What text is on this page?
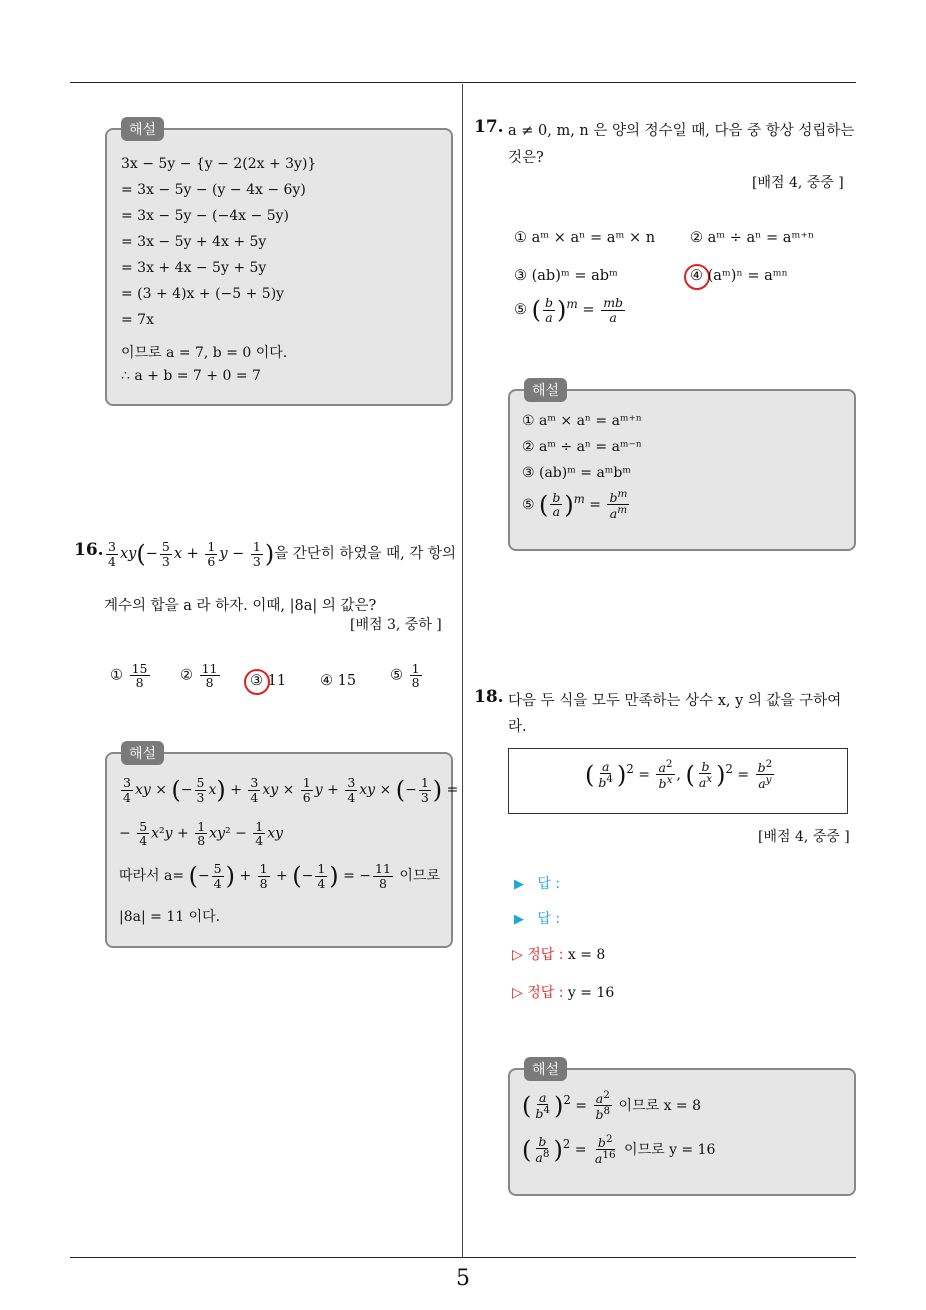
5
해설
3x − 5y − {y − 2(2x + 3y)}
= 3x − 5y − (y − 4x − 6y)
= 3x − 5y − (−4x − 5y)
= 3x − 5y + 4x + 5y
= 3x + 4x − 5y + 5y
= (3 + 4)x + (−5 + 5)y
= 7x
이므로 a = 7, b = 0 이다.
∴ a + b = 7 + 0 = 7
16. $\frac{3}{4} xy(- \frac{5}{3}$ $x + \frac{1}{6}$ $y - \frac{1}{3}$ )을 간단히 하였을 때, 각 항의
계수의 합을 a 라 하자. 이때, |8a| 의 값은?
[배점 3, 중하 ]
① $\frac{15}{8}$ ② $\frac{11}{8}$ ③ 11 ④ 15 ⑤ $\frac{1}{8}$
해설
$\frac{3}{4}$ xy × (− $\frac{5}{3} x) + \frac{3}{4}$ xy × $\frac{1}{6}$ $y + \frac{3}{4}$ xy × (− $\frac{1}{3}$ ) =
− $\frac{5}{4} x^2y + \frac{1}{8} xy^2 - \frac{1}{4}$ xy
따라서 a= (− $\frac{5}{4}$ ) + $\frac{1}{8}$ + (− $\frac{1}{4}$ ) = − $\frac{11}{8}$ 이므로
|8a| = 11 이다.
17. a ≠ 0, m, n 은 양의 정수일 때, 다음 중 항상 성립하는
것은?
[배점 4, 중중 ]
① aᵐ × aⁿ = aᵐ × n ② aᵐ ÷ aⁿ = aᵐ⁺ⁿ
③ (ab)ᵐ = abᵐ	④ (aᵐ)ⁿ = aᵐⁿ
⑤ ( $\frac{b}{a} )^m = \frac{mb}{a}$
해설
① aᵐ × aⁿ = aᵐ⁺ⁿ
② aᵐ ÷ aⁿ = aᵐ⁻ⁿ
③ (ab)ᵐ = aᵐbᵐ
⑤ ( $\frac{b}{a} )^m = \frac{b^m}{a^m}$
18. 다음 두 식을 모두 만족하는 상수 x, y 의 값을 구하여
라.
( $\frac{a}{b^4} )^2 = \frac{a^2}{b^x}$ , ( $\frac{b}{a^x} )^2 = \frac{b^2}{a^y}$
[배점 4, 중중 ]
▶ 답 :
▶ 답 :
▷ 정답 : x = 8
▷ 정답 : y = 16
해설
( $\frac{a}{b^4} )^2 = \frac{a^2}{b^8}$ 이므로 x = 8
( $\frac{b}{a^8} )^2 = \frac{b^2}{a^{16}}$ 이므로 y = 16
